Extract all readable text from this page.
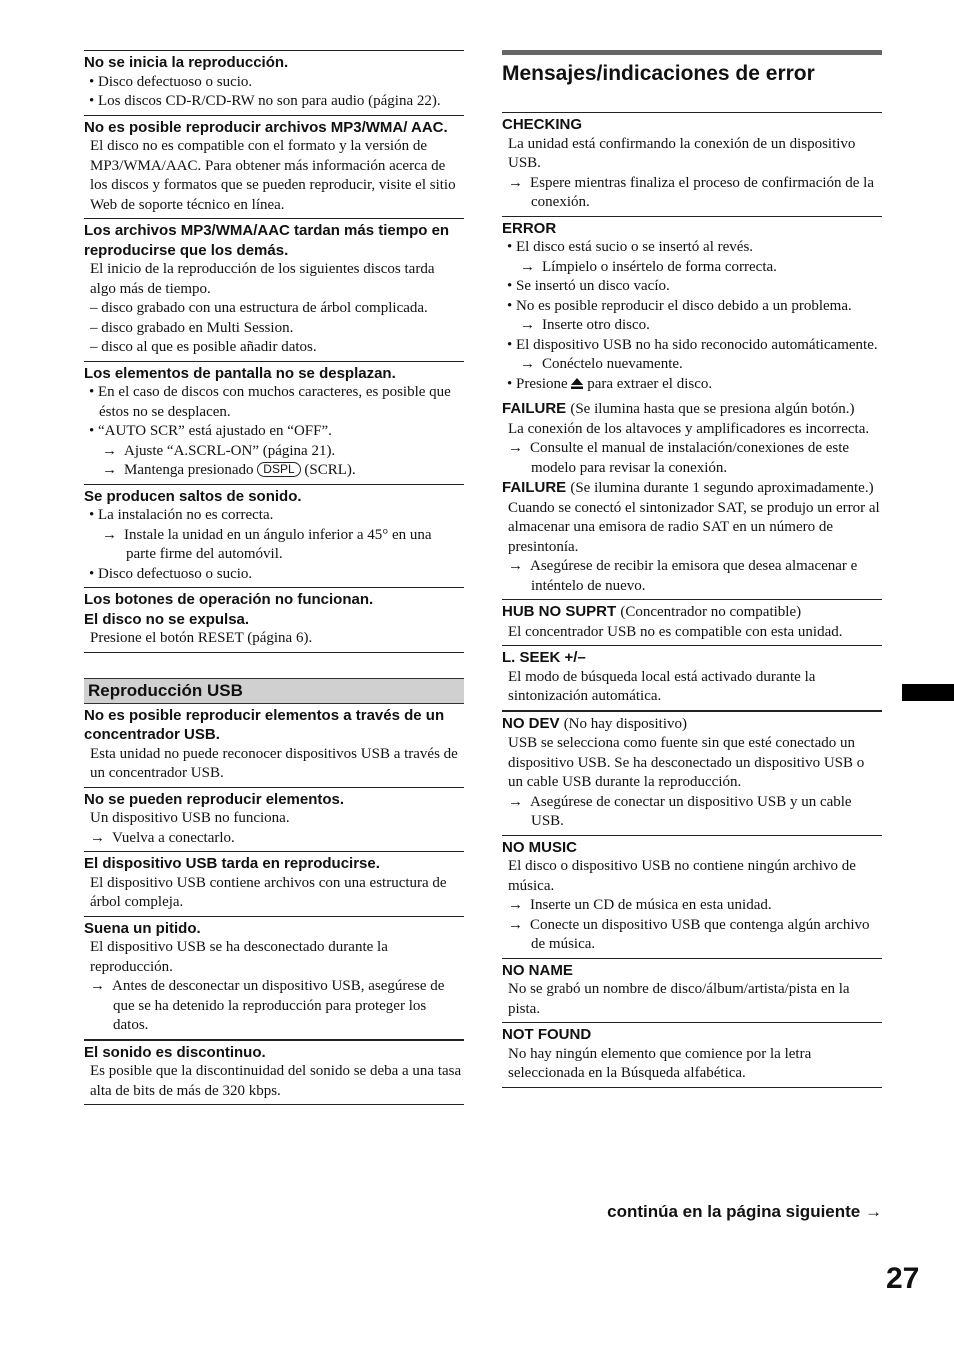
No se inicia la reproducción.
• Disco defectuoso o sucio.
• Los discos CD-R/CD-RW no son para audio (página 22).
No es posible reproducir archivos MP3/WMA/ AAC.
El disco no es compatible con el formato y la versión de MP3/WMA/AAC. Para obtener más información acerca de los discos y formatos que se pueden reproducir, visite el sitio Web de soporte técnico en línea.
Los archivos MP3/WMA/AAC tardan más tiempo en reproducirse que los demás.
El inicio de la reproducción de los siguientes discos tarda algo más de tiempo.
– disco grabado con una estructura de árbol complicada.
– disco grabado en Multi Session.
– disco al que es posible añadir datos.
Los elementos de pantalla no se desplazan.
• En el caso de discos con muchos caracteres, es posible que éstos no se desplacen.
• “AUTO SCR” está ajustado en “OFF”.
→ Ajuste “A.SCRL-ON” (página 21).
→ Mantenga presionado DSPL (SCRL).
Se producen saltos de sonido.
• La instalación no es correcta.
→ Instale la unidad en un ángulo inferior a 45° en una parte firme del automóvil.
• Disco defectuoso o sucio.
Los botones de operación no funcionan.
El disco no se expulsa.
Presione el botón RESET (página 6).
Reproducción USB
No es posible reproducir elementos a través de un concentrador USB.
Esta unidad no puede reconocer dispositivos USB a través de un concentrador USB.
No se pueden reproducir elementos.
Un dispositivo USB no funciona.
→ Vuelva a conectarlo.
El dispositivo USB tarda en reproducirse.
El dispositivo USB contiene archivos con una estructura de árbol compleja.
Suena un pitido.
El dispositivo USB se ha desconectado durante la reproducción.
→ Antes de desconectar un dispositivo USB, asegúrese de que se ha detenido la reproducción para proteger los datos.
El sonido es discontinuo.
Es posible que la discontinuidad del sonido se deba a una tasa alta de bits de más de 320 kbps.
Mensajes/indicaciones de error
CHECKING
La unidad está confirmando la conexión de un dispositivo USB.
→ Espere mientras finaliza el proceso de confirmación de la conexión.
ERROR
• El disco está sucio o se insertó al revés.
→ Límpielo o insértelo de forma correcta.
• Se insertó un disco vacío.
• No es posible reproducir el disco debido a un problema.
→ Inserte otro disco.
• El dispositivo USB no ha sido reconocido automáticamente.
→ Conéctelo nuevamente.
• Presione para extraer el disco.
FAILURE (Se ilumina hasta que se presiona algún botón.)
La conexión de los altavoces y amplificadores es incorrecta.
→ Consulte el manual de instalación/conexiones de este modelo para revisar la conexión.
FAILURE (Se ilumina durante 1 segundo aproximadamente.)
Cuando se conectó el sintonizador SAT, se produjo un error al almacenar una emisora de radio SAT en un número de presintonía.
→ Asegúrese de recibir la emisora que desea almacenar e inténtelo de nuevo.
HUB NO SUPRT (Concentrador no compatible)
El concentrador USB no es compatible con esta unidad.
L. SEEK +/–
El modo de búsqueda local está activado durante la sintonización automática.
NO DEV (No hay dispositivo)
USB se selecciona como fuente sin que esté conectado un dispositivo USB. Se ha desconectado un dispositivo USB o un cable USB durante la reproducción.
→ Asegúrese de conectar un dispositivo USB y un cable USB.
NO MUSIC
El disco o dispositivo USB no contiene ningún archivo de música.
→ Inserte un CD de música en esta unidad.
→ Conecte un dispositivo USB que contenga algún archivo de música.
NO NAME
No se grabó un nombre de disco/álbum/artista/pista en la pista.
NOT FOUND
No hay ningún elemento que comience por la letra seleccionada en la Búsqueda alfabética.
continúa en la página siguiente →
27
